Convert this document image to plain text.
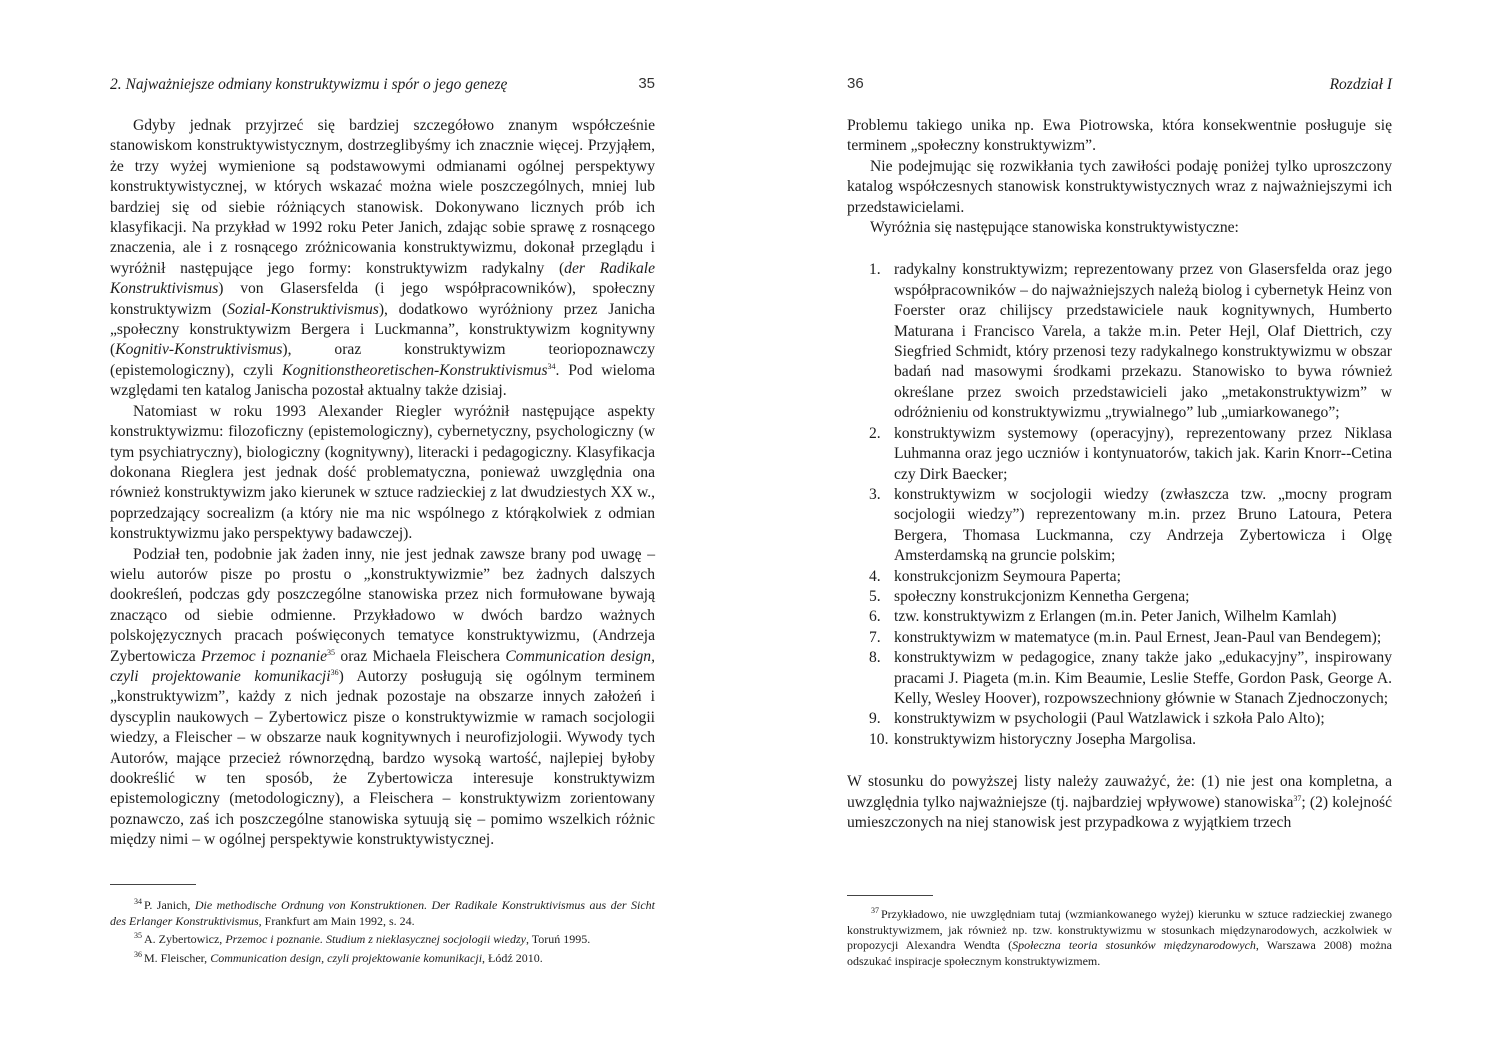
2. Najważniejsze odmiany konstruktywizmu i spór o jego genezę	35

Gdyby jednak przyjrzeć się bardziej szczegółowo znanym współcześnie stanowiskom konstruktywistycznym, dostrzeglibyśmy ich znacznie więcej. Przyjąłem, że trzy wyżej wymienione są podstawowymi odmianami ogólnej perspektywy konstruktywistycznej, w których wskazać można wiele poszczególnych, mniej lub bardziej się od siebie różniących stanowisk. Dokonywano licznych prób ich klasyfikacji. Na przykład w 1992 roku Peter Janich, zdając sobie sprawę z rosnącego znaczenia, ale i z rosnącego zróżnicowania konstruktywizmu, dokonał przeglądu i wyróżnił następujące jego formy: konstruktywizm radykalny (der Radikale Konstruktivismus) von Glasersfelda (i jego współpracowników), społeczny konstruktywizm (Sozial-Konstruktivismus), dodatkowo wyróżniony przez Janicha „społeczny konstruktywizm Bergera i Luckmanna”, konstruktywizm kognitywny (Kognitiv-Konstruktivismus), oraz konstruktywizm teoriopoznawczy (epistemologiczny), czyli Kognitionstheoretischen-Konstruktivismus$^{34}$. Pod wieloma względami ten katalog Janischa pozostał aktualny także dzisiaj.

Natomiast w roku 1993 Alexander Riegler wyróżnił następujące aspekty konstruktywizmu: filozoficzny (epistemologiczny), cybernetyczny, psychologiczny (w tym psychiatryczny), biologiczny (kognitywny), literacki i pedagogiczny. Klasyfikacja dokonana Rieglera jest jednak dość problematyczna, ponieważ uwzględnia ona również konstruktywizm jako kierunek w sztuce radzieckiej z lat dwudziestych XX w., poprzedzający socrealizm (a który nie ma nic wspólnego z którąkolwiek z odmian konstruktywizmu jako perspektywy badawczej).

Podział ten, podobnie jak żaden inny, nie jest jednak zawsze brany pod uwagę – wielu autorów pisze po prostu o „konstruktywizmie” bez żadnych dalszych dookreśleń, podczas gdy poszczególne stanowiska przez nich formułowane bywają znacząco od siebie odmienne. Przykładowo w dwóch bardzo ważnych polskojęzycznych pracach poświęconych tematyce konstruktywizmu, (Andrzeja Zybertowicza Przemoc i poznanie$^{35}$ oraz Michaela Fleischera Communication design, czyli projektowanie komunikacji$^{36}$) Autorzy posługują się ogólnym terminem „konstruktywizm”, każdy z nich jednak pozostaje na obszarze innych założeń i dyscyplin naukowych – Zybertowicz pisze o konstruktywizmie w ramach socjologii wiedzy, a Fleischer – w obszarze nauk kognitywnych i neurofizjologii. Wywody tych Autorów, mające przecież równorzędną, bardzo wysoką wartość, najlepiej byłoby dookreślić w ten sposób, że Zybertowicza interesuje konstruktywizm epistemologiczny (metodologiczny), a Fleischera – konstruktywizm zorientowany poznawczo, zaś ich poszczególne stanowiska sytuują się – pomimo wszelkich różnic między nimi – w ogólnej perspektywie konstruktywistycznej.

34 P. Janich, Die methodische Ordnung von Konstruktionen. Der Radikale Konstruktivismus aus der Sicht des Erlanger Konstruktivismus, Frankfurt am Main 1992, s. 24.

35 A. Zybertowicz, Przemoc i poznanie. Studium z nieklasycznej socjologii wiedzy, Toruń 1995.

36 M. Fleischer, Communication design, czyli projektowanie komunikacji, Łódź 2010.

36	Rozdział I

Problemu takiego unika np. Ewa Piotrowska, która konsekwentnie posługuje się terminem „społeczny konstruktywizm”.

Nie podejmując się rozwikłania tych zawiłości podaję poniżej tylko uproszczony katalog współczesnych stanowisk konstruktywistycznych wraz z najważniejszymi ich przedstawicielami.

Wyróżnia się następujące stanowiska konstruktywistyczne:

1. radykalny konstruktywizm; reprezentowany przez von Glasersfelda oraz jego współpracowników – do najważniejszych należą biolog i cybernetyk Heinz von Foerster oraz chilijscy przedstawiciele nauk kognitywnych, Humberto Maturana i Francisco Varela, a także m.in. Peter Hejl, Olaf Diettrich, czy Siegfried Schmidt, który przenosi tezy radykalnego konstruktywizmu w obszar badań nad masowymi środkami przekazu. Stanowisko to bywa również określane przez swoich przedstawicieli jako „metakonstruktywizm” w odróżnieniu od konstruktywizmu „trywialnego” lub „umiarkowanego”;
2. konstruktywizm systemowy (operacyjny), reprezentowany przez Niklasa Luhmanna oraz jego uczniów i kontynuatorów, takich jak. Karin Knorr--Cetina czy Dirk Baecker;
3. konstruktywizm w socjologii wiedzy (zwłaszcza tzw. „mocny program socjologii wiedzy”) reprezentowany m.in. przez Bruno Latoura, Petera Bergera, Thomasa Luckmanna, czy Andrzeja Zybertowicza i Olgę Amsterdamską na gruncie polskim;
4. konstrukcjonizm Seymoura Paperta;
5. społeczny konstrukcjonizm Kennetha Gergena;
6. tzw. konstruktywizm z Erlangen (m.in. Peter Janich, Wilhelm Kamlah)
7. konstruktywizm w matematyce (m.in. Paul Ernest, Jean-Paul van Bendegem);
8. konstruktywizm w pedagogice, znany także jako „edukacyjny”, inspirowany pracami J. Piageta (m.in. Kim Beaumie, Leslie Steffe, Gordon Pask, George A. Kelly, Wesley Hoover), rozpowszechniony głównie w Stanach Zjednoczonych;
9. konstruktywizm w psychologii (Paul Watzlawick i szkoła Palo Alto);
10. konstruktywizm historyczny Josepha Margolisa.

W stosunku do powyższej listy należy zauważyć, że: (1) nie jest ona kompletna, a uwzględnia tylko najważniejsze (tj. najbardziej wpływowe) stanowiska$^{37}$; (2) kolejność umieszczonych na niej stanowisk jest przypadkowa z wyjątkiem trzech

37 Przykładowo, nie uwzględniam tutaj (wzmiankowanego wyżej) kierunku w sztuce radzieckiej zwanego konstruktywizmem, jak również np. tzw. konstruktywizmu w stosunkach międzynarodowych, aczkolwiek w propozycji Alexandra Wendta (Społeczna teoria stosunków międzynarodowych, Warszawa 2008) można odszukać inspiracje społecznym konstruktywizmem.
